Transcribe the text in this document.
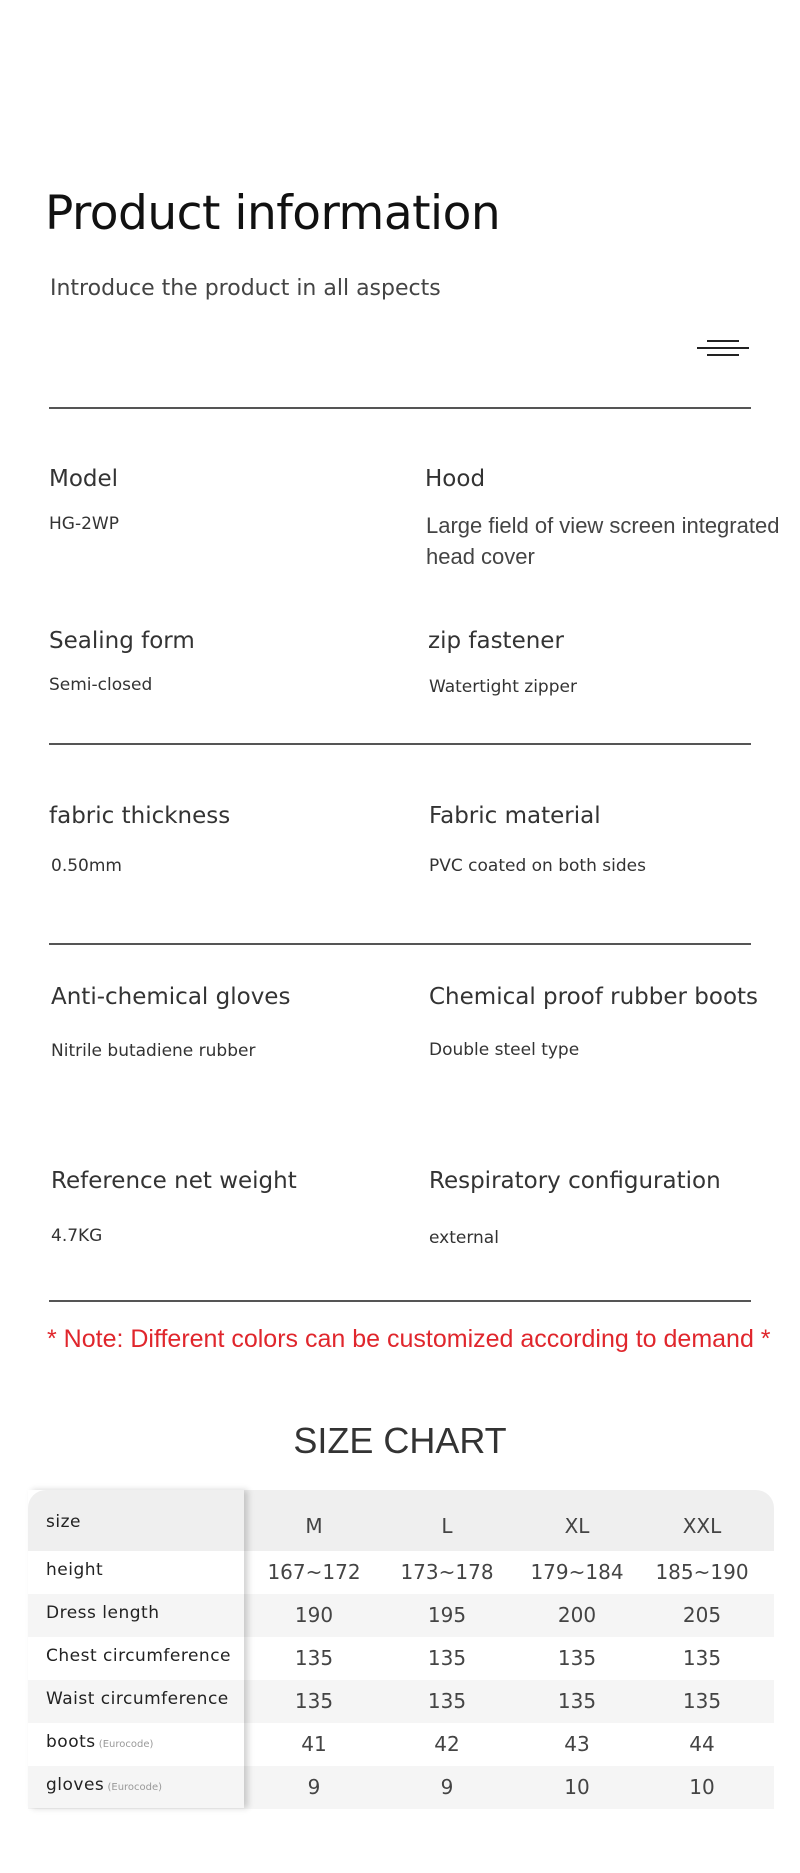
Product information
Introduce the product in all aspects
Model
HG-2WP
Hood
Large field of view screen integrated head cover
Sealing form
Semi-closed
zip fastener
Watertight zipper
fabric thickness
0.50mm
Fabric material
PVC coated on both sides
Anti-chemical gloves
Nitrile butadiene rubber
Chemical proof rubber boots
Double steel type
Reference net weight
4.7KG
Respiratory configuration
external
* Note: Different colors can be customized according to demand *
SIZE CHART
size	M	L	XL	XXL
height	167~172 173~178 179~184 185~190
Dress length	190	195	200	205
Chest circumference	135	135	135	135
Waist circumference	135	135	135	135
boots (Eurocode)	41	42	43	44
gloves (Eurocode)	9	9	10	10
